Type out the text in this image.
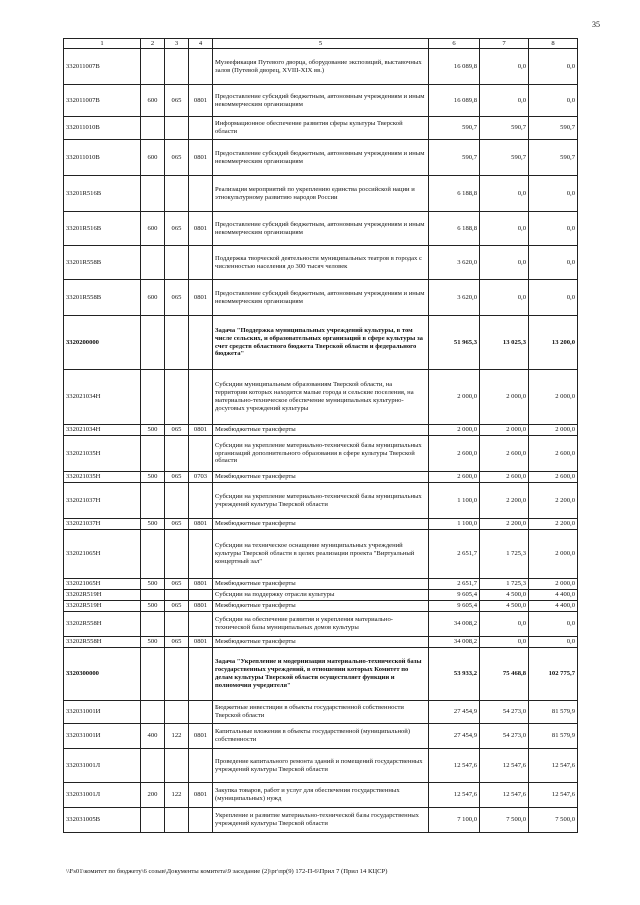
35
1	2	3	4	5	6	7	8
332011007В				Музеефикация Путевого дворца, оборудование экспозиций, выставочных залов (Путевой дворец, XVIII-XIX вв.)	16 089,8	0,0	0,0
332011007В	600	065	0801	Предоставление субсидий бюджетным, автономным учреждениям и иным некоммерческим организациям	16 089,8	0,0	0,0
332011010В				Информационное обеспечение развития сферы культуры Тверской области	590,7	590,7	590,7
332011010В	600	065	0801	Предоставление субсидий бюджетным, автономным учреждениям и иным некоммерческим организациям	590,7	590,7	590,7
33201R516В				Реализация мероприятий по укреплению единства российской нации и этнокультурному развитию народов России	6 188,8	0,0	0,0
33201R516В	600	065	0801	Предоставление субсидий бюджетным, автономным учреждениям и иным некоммерческим организациям	6 188,8	0,0	0,0
33201R558В				Поддержка творческой деятельности муниципальных театров в городах с численностью населения до 300 тысяч человек	3 620,0	0,0	0,0
33201R558В	600	065	0801	Предоставление субсидий бюджетным, автономным учреждениям и иным некоммерческим организациям	3 620,0	0,0	0,0
3320200000				Задача "Поддержка муниципальных учреждений культуры, в том числе сельских, и образовательных организаций в сфере культуры за счет средств областного бюджета Тверской области и федерального бюджета"	51 965,3	13 025,3	13 200,0
332021034Н				Субсидии муниципальным образованиям Тверской области, на территории которых находятся малые города и сельские поселения, на материально-техническое обеспечение муниципальных культурно-досуговых учреждений культуры	2 000,0	2 000,0	2 000,0
332021034Н	500	065	0801	Межбюджетные трансферты	2 000,0	2 000,0	2 000,0
332021035Н				Субсидии на укрепление материально-технической базы муниципальных организаций дополнительного образования в сфере культуры Тверской области	2 600,0	2 600,0	2 600,0
332021035Н	500	065	0703	Межбюджетные трансферты	2 600,0	2 600,0	2 600,0
332021037Н				Субсидии на укрепление материально-технической базы муниципальных учреждений культуры Тверской области	1 100,0	2 200,0	2 200,0
332021037Н	500	065	0801	Межбюджетные трансферты	1 100,0	2 200,0	2 200,0
332021065Н				Субсидии на техническое оснащение муниципальных учреждений культуры Тверской области в целях реализации проекта "Виртуальный концертный зал"	2 651,7	1 725,3	2 000,0
332021065Н	500	065	0801	Межбюджетные трансферты	2 651,7	1 725,3	2 000,0
33202R519Н				Субсидии на поддержку отрасли культуры	9 605,4	4 500,0	4 400,0
33202R519Н	500	065	0801	Межбюджетные трансферты	9 605,4	4 500,0	4 400,0
33202R558Н				Субсидии на обеспечение развития и укрепления материально-технической базы муниципальных домов культуры	34 008,2	0,0	0,0
33202R558Н	500	065	0801	Межбюджетные трансферты	34 008,2	0,0	0,0
3320300000				Задача "Укрепление и модернизация материально-технической базы государственных учреждений, в отношении которых Комитет по делам культуры Тверской области осуществляет функции и полномочия учредителя"	53 933,2	75 468,8	102 775,7
332031001И				Бюджетные инвестиции в объекты государственной собственности Тверской области	27 454,9	54 273,0	81 579,9
332031001И	400	122	0801	Капитальные вложения в объекты государственной (муниципальной) собственности	27 454,9	54 273,0	81 579,9
332031001Л				Проведение капитального ремонта зданий и помещений государственных учреждений культуры Тверской области	12 547,6	12 547,6	12 547,6
332031001Л	200	122	0801	Закупка товаров, работ и услуг для обеспечения государственных (муниципальных) нужд	12 547,6	12 547,6	12 547,6
332031005В				Укрепление и развитие материально-технической базы государственных учреждений культуры Тверской области	7 100,0	7 500,0	7 500,0
\\Fs01\комитет по бюджету\6 созыв\Документы комитета\9 заседание (2)\рг\пр(9) 172-П-6\Прил 7 (Прил 14 КЦСР)
